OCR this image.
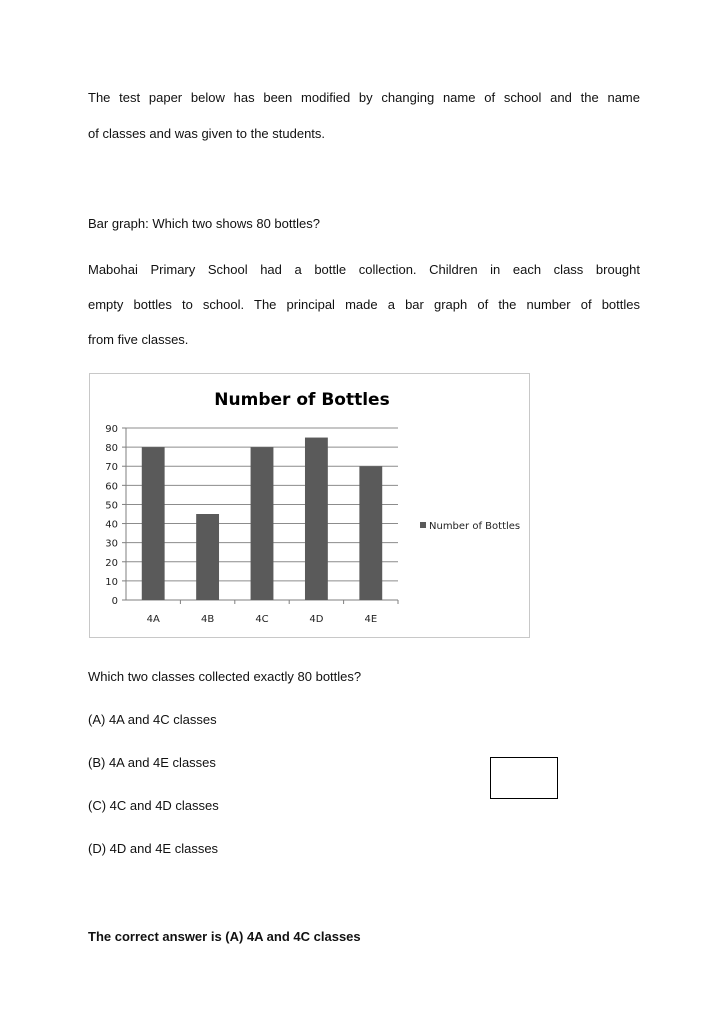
The test paper below has been modified by changing name of school and the name

of classes and was given to the students.

Bar graph: Which two shows 80 bottles?

Mabohai Primary School had a bottle collection. Children in each class brought

empty bottles to school. The principal made a bar graph of the number of bottles

from five classes.

Number of Bottles
0
10
20
30
40
50
60
70
80
90
4A	4B	4C	4D	4E
Number of Bottles

Which two classes collected exactly 80 bottles?

(A) 4A and 4C classes

(B) 4A and 4E classes

(C) 4C and 4D classes

(D) 4D and 4E classes

The correct answer is (A) 4A and 4C classes
